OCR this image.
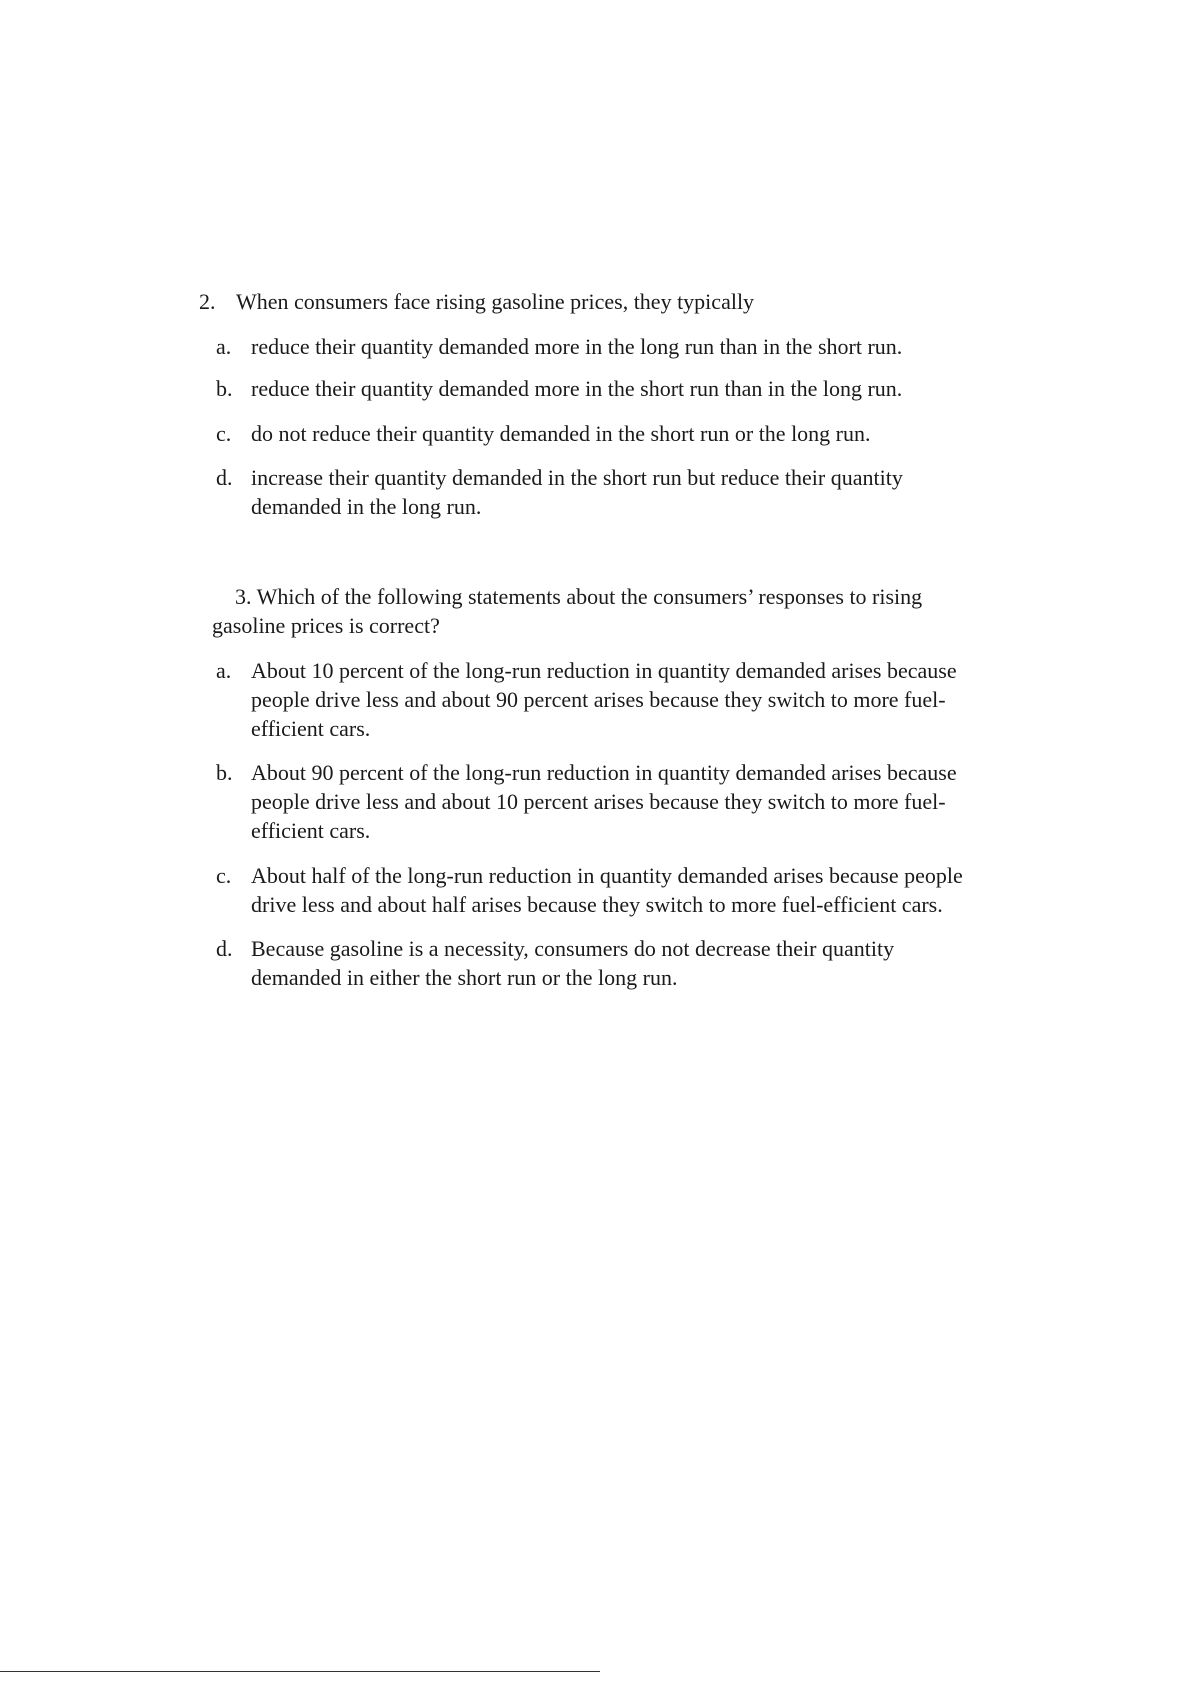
2. When consumers face rising gasoline prices, they typically
a. reduce their quantity demanded more in the long run than in the short run.
b. reduce their quantity demanded more in the short run than in the long run.
c. do not reduce their quantity demanded in the short run or the long run.
d. increase their quantity demanded in the short run but reduce their quantity
demanded in the long run.
3. Which of the following statements about the consumers’ responses to rising
gasoline prices is correct?
a. About 10 percent of the long-run reduction in quantity demanded arises because
people drive less and about 90 percent arises because they switch to more fuel-
efficient cars.
b. About 90 percent of the long-run reduction in quantity demanded arises because
people drive less and about 10 percent arises because they switch to more fuel-
efficient cars.
c. About half of the long-run reduction in quantity demanded arises because people
drive less and about half arises because they switch to more fuel-efficient cars.
d. Because gasoline is a necessity, consumers do not decrease their quantity
demanded in either the short run or the long run.
